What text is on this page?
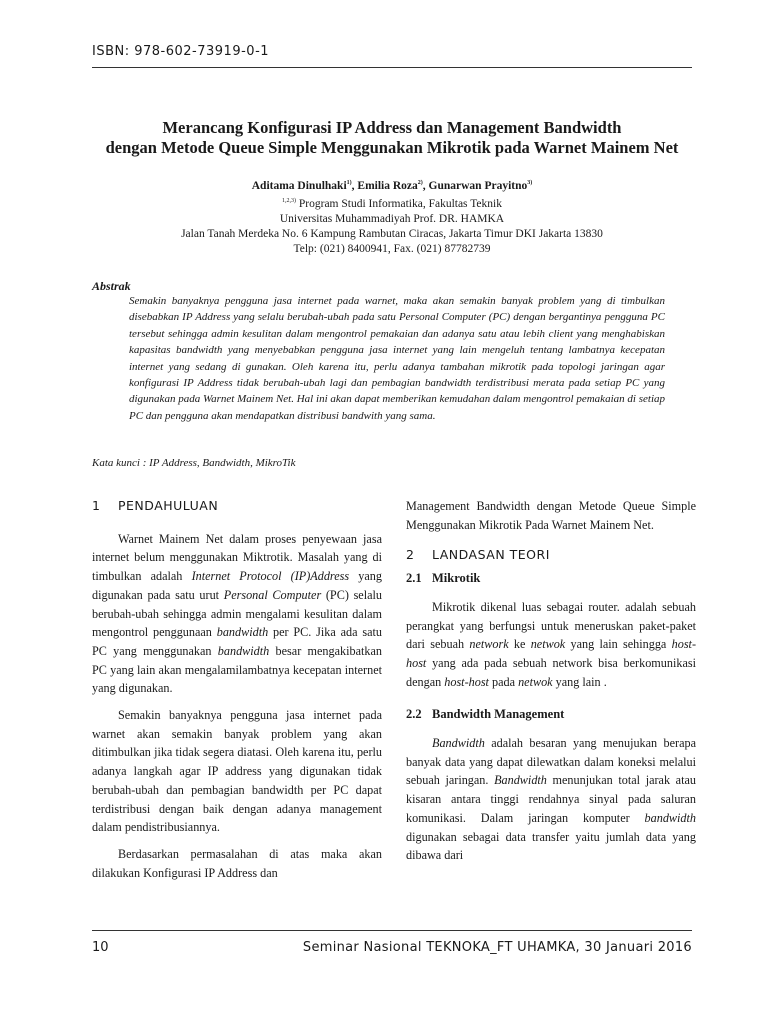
ISBN: 978-602-73919-0-1
Merancang Konfigurasi IP Address dan Management Bandwidth
dengan Metode Queue Simple Menggunakan Mikrotik pada Warnet Mainem Net
Aditama Dinulhaki$^{1)}$, Emilia Roza$^{2)}$, Gunarwan Prayitno$^{3)}$
$^{1,2,3)}$ Program Studi Informatika, Fakultas Teknik
Universitas Muhammadiyah Prof. DR. HAMKA
Jalan Tanah Merdeka No. 6 Kampung Rambutan Ciracas, Jakarta Timur DKI Jakarta 13830
Telp: (021) 8400941, Fax. (021) 87782739
Abstrak
Semakin banyaknya pengguna jasa internet pada warnet, maka akan semakin banyak problem yang di timbulkan disebabkan IP Address yang selalu berubah-ubah pada satu Personal Computer (PC) dengan bergantinya pengguna PC tersebut sehingga admin kesulitan dalam mengontrol pemakaian dan adanya satu atau lebih client yang menghabiskan kapasitas bandwidth yang menyebabkan pengguna jasa internet yang lain mengeluh tentang lambatnya kecepatan internet yang sedang di gunakan. Oleh karena itu, perlu adanya tambahan mikrotik pada topologi jaringan agar konfigurasi IP Address tidak berubah-ubah lagi dan pembagian bandwidth terdistribusi merata pada setiap PC yang digunakan pada Warnet Mainem Net. Hal ini akan dapat memberikan kemudahan dalam mengontrol pemakaian di setiap PC dan pengguna akan mendapatkan distribusi bandwith yang sama.
Kata kunci : IP Address, Bandwidth, MikroTik
1 PENDAHULUAN

Warnet Mainem Net dalam proses penyewaan jasa internet belum menggunakan Miktrotik. Masalah yang di timbulkan adalah Internet Protocol (IP)Address yang digunakan pada satu urut Personal Computer (PC) selalu berubah-ubah sehingga admin mengalami kesulitan dalam mengontrol penggunaan bandwidth per PC. Jika ada satu PC yang menggunakan bandwidth besar mengakibatkan PC yang lain akan mengalamilambatnya kecepatan internet yang digunakan.

Semakin banyaknya pengguna jasa internet pada warnet akan semakin banyak problem yang akan ditimbulkan jika tidak segera diatasi. Oleh karena itu, perlu adanya langkah agar IP address yang digunakan tidak berubah-ubah dan pembagian bandwidth per PC dapat terdistribusi dengan baik dengan adanya management dalam pendistribusiannya.

Berdasarkan permasalahan di atas maka akan dilakukan Konfigurasi IP Address dan

Management Bandwidth dengan Metode Queue Simple Menggunakan Mikrotik Pada Warnet Mainem Net.

2 LANDASAN TEORI
2.1 Mikrotik

Mikrotik dikenal luas sebagai router. adalah sebuah perangkat yang berfungsi untuk meneruskan paket-paket dari sebuah network ke netwok yang lain sehingga host-host yang ada pada sebuah network bisa berkomunikasi dengan host-host pada netwok yang lain .

2.2 Bandwidth Management

Bandwidth adalah besaran yang menujukan berapa banyak data yang dapat dilewatkan dalam koneksi melalui sebuah jaringan. Bandwidth menunjukan total jarak atau kisaran antara tinggi rendahnya sinyal pada saluran komunikasi. Dalam jaringan komputer bandwidth digunakan sebagai data transfer yaitu jumlah data yang dibawa dari

10	Seminar Nasional TEKNOKA_FT UHAMKA, 30 Januari 2016
